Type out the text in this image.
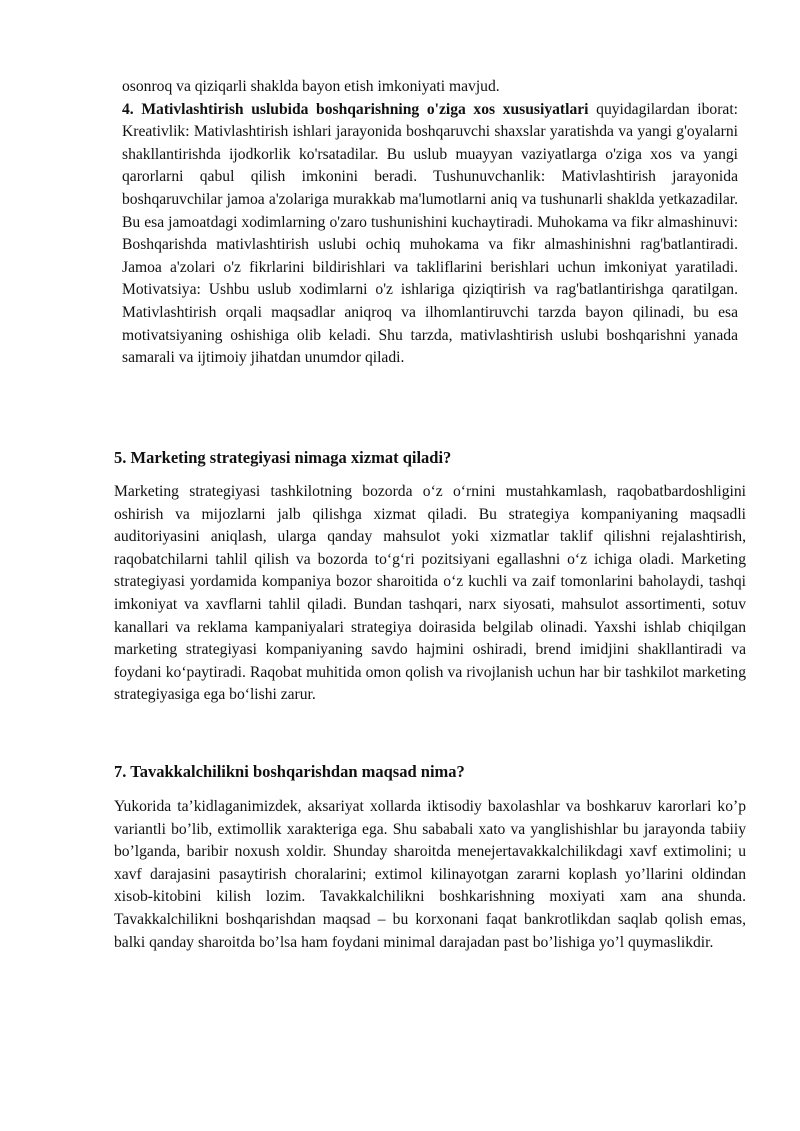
osonroq va qiziqarli shaklda bayon etish imkoniyati mavjud.
4. Mativlashtirish uslubida boshqarishning o'ziga xos xususiyatlari quyidagilardan iborat: Kreativlik: Mativlashtirish ishlari jarayonida boshqaruvchi shaxslar yaratishda va yangi g'oyalarni shakllantirishda ijodkorlik ko'rsatadilar. Bu uslub muayyan vaziyatlarga o'ziga xos va yangi qarorlarni qabul qilish imkonini beradi. Tushunuvchanlik: Mativlashtirish jarayonida boshqaruvchilar jamoa a'zolariga murakkab ma'lumotlarni aniq va tushunarli shaklda yetkazadilar. Bu esa jamoatdagi xodimlarning o'zaro tushunishini kuchaytiradi. Muhokama va fikr almashinuvi: Boshqarishda mativlashtirish uslubi ochiq muhokama va fikr almashinishni rag'batlantiradi. Jamoa a'zolari o'z fikrlarini bildirishlari va takliflarini berishlari uchun imkoniyat yaratiladi. Motivatsiya: Ushbu uslub xodimlarni o'z ishlariga qiziqtirish va rag'batlantirishga qaratilgan. Mativlashtirish orqali maqsadlar aniqroq va ilhomlantiruvchi tarzda bayon qilinadi, bu esa motivatsiyaning oshishiga olib keladi. Shu tarzda, mativlashtirish uslubi boshqarishni yanada samarali va ijtimoiy jihatdan unumdor qiladi.

5. Marketing strategiyasi nimaga xizmat qiladi?

Marketing strategiyasi tashkilotning bozorda o‘z o‘rnini mustahkamlash, raqobatbardoshligini oshirish va mijozlarni jalb qilishga xizmat qiladi. Bu strategiya kompaniyaning maqsadli auditoriyasini aniqlash, ularga qanday mahsulot yoki xizmatlar taklif qilishni rejalashtirish, raqobatchilarni tahlil qilish va bozorda to‘g‘ri pozitsiyani egallashni o‘z ichiga oladi. Marketing strategiyasi yordamida kompaniya bozor sharoitida o‘z kuchli va zaif tomonlarini baholaydi, tashqi imkoniyat va xavflarni tahlil qiladi. Bundan tashqari, narx siyosati, mahsulot assortimenti, sotuv kanallari va reklama kampaniyalari strategiya doirasida belgilab olinadi. Yaxshi ishlab chiqilgan marketing strategiyasi kompaniyaning savdo hajmini oshiradi, brend imidjini shakllantiradi va foydani ko‘paytiradi. Raqobat muhitida omon qolish va rivojlanish uchun har bir tashkilot marketing strategiyasiga ega bo‘lishi zarur.

7. Tavakkalchilikni boshqarishdan maqsad nima?

Yukorida ta’kidlaganimizdek, aksariyat xollarda iktisodiy baxolashlar va boshkaruv karorlari ko’p variantli bo’lib, extimollik xarakteriga ega. Shu sababali xato va yanglishishlar bu jarayonda tabiiy bo’lganda, baribir noxush xoldir. Shunday sharoitda menejertavakkalchilikdagi xavf extimolini; u xavf darajasini pasaytirish choralarini; extimol kilinayotgan zararni koplash yo’llarini oldindan xisob-kitobini kilish lozim. Tavakkalchilikni boshkarishning moxiyati xam ana shunda. Tavakkalchilikni boshqarishdan maqsad – bu korxonani faqat bankrotlikdan saqlab qolish emas, balki qanday sharoitda bo’lsa ham foydani minimal darajadan past bo’lishiga yo’l quymaslikdir.
